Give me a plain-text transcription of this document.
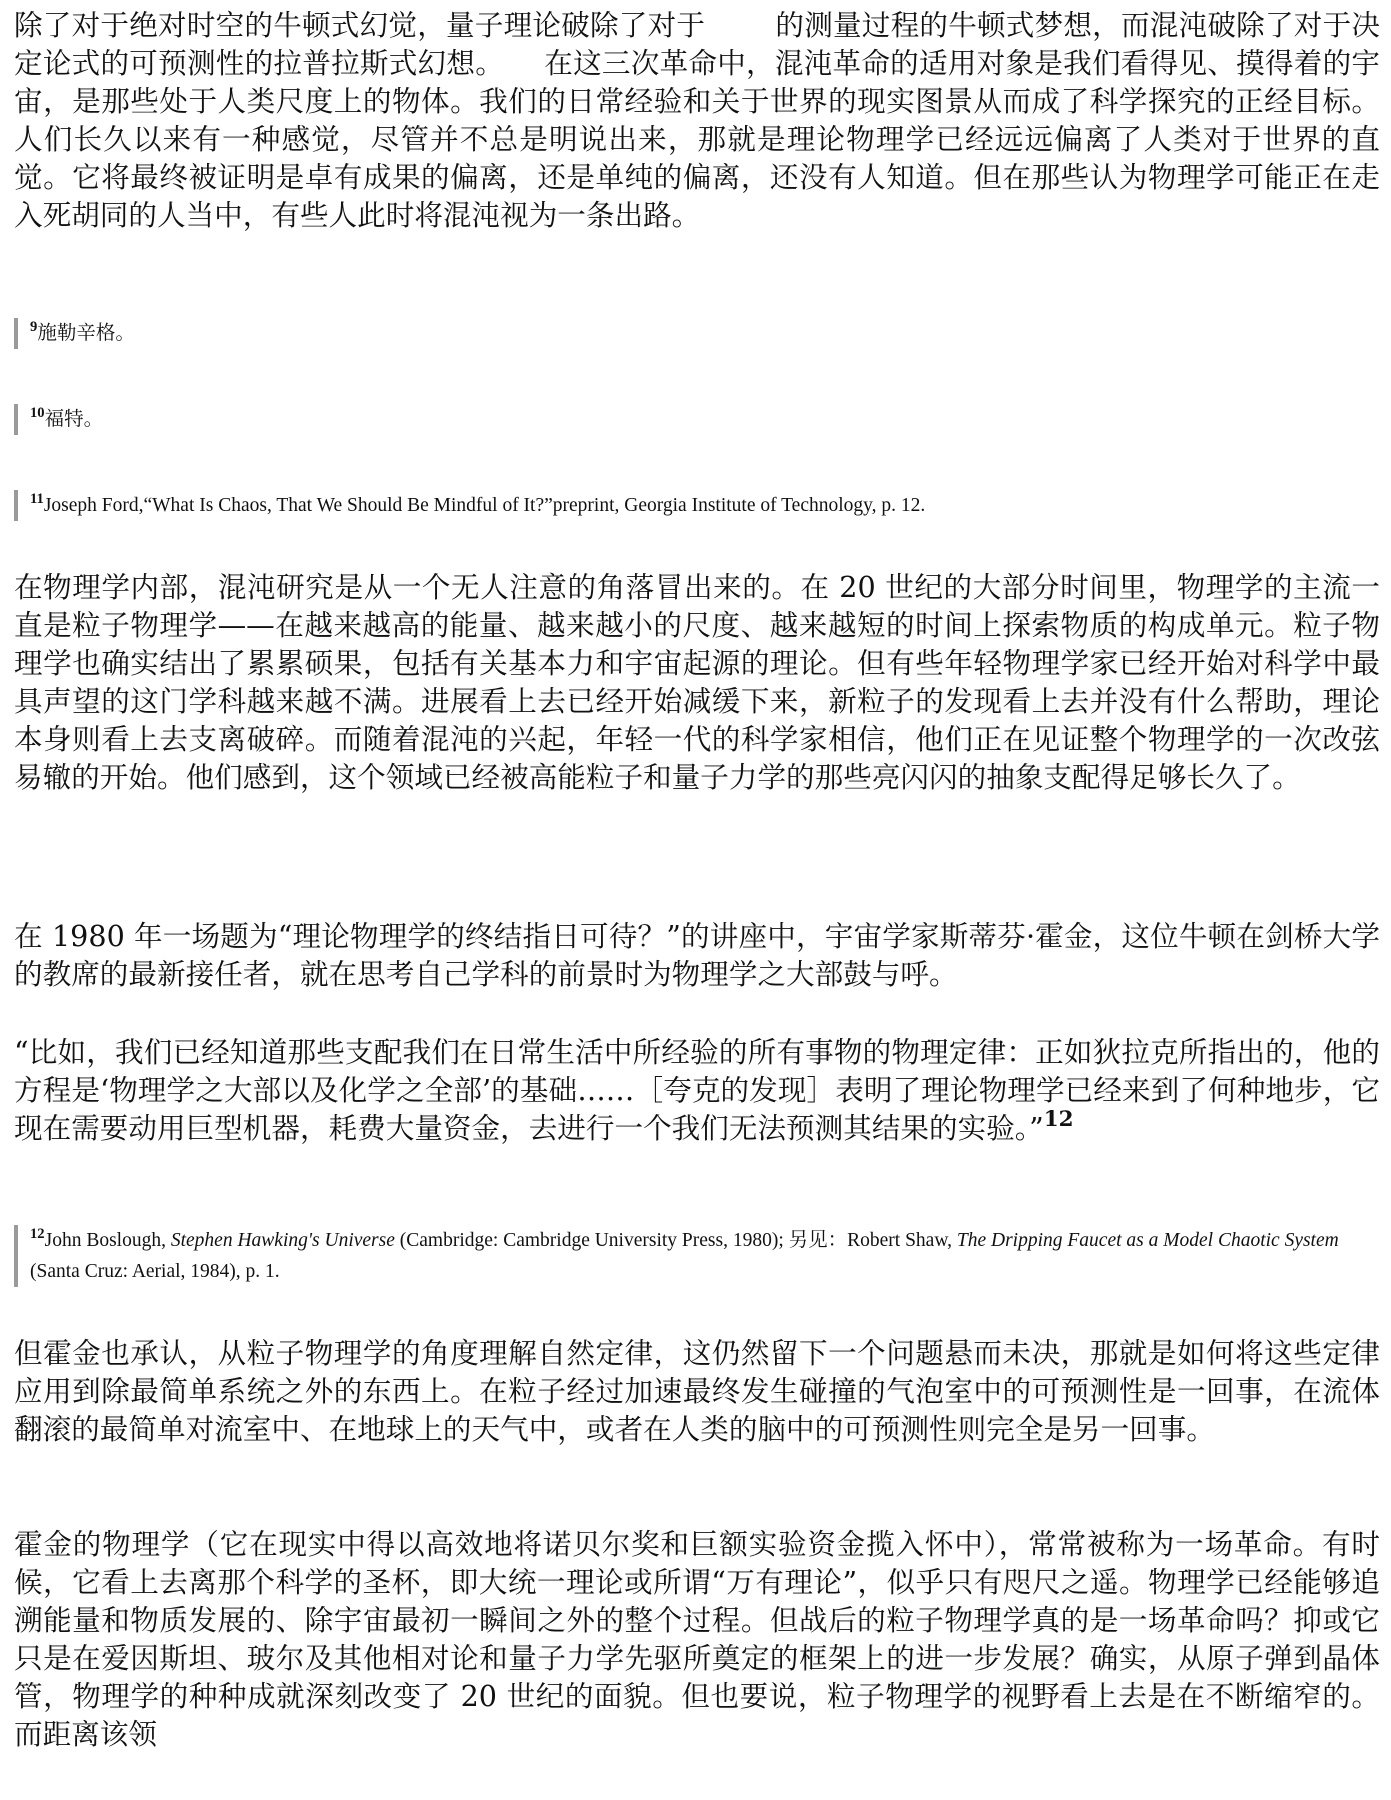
除了对于绝对时空的牛顿式幻觉，量子理论破除了对于 的测量过程的牛顿式梦想，而混沌破除了对于决定论式的可预测性的拉普拉斯式幻想。 在这三次革命中，混沌革命的适用对象是我们看得见、摸得着的宇宙，是那些处于人类尺度上的物体。我们的日常经验和关于世界的现实图景从而成了科学探究的正经目标。人们长久以来有一种感觉，尽管并不总是明说出来，那就是理论物理学已经远远偏离了人类对于世界的直觉。它将最终被证明是卓有成果的偏离，还是单纯的偏离，还没有人知道。但在那些认为物理学可能正在走入死胡同的人当中，有些人此时将混沌视为一条出路。

$^9$施勒辛格。
$^{10}$福特。
$^{11}$Joseph Ford,“What Is Chaos, That We Should Be Mindful of It?”preprint, Georgia Institute of Technology, p. 12.

在物理学内部，混沌研究是从一个无人注意的角落冒出来的。在 20 世纪的大部分时间里，物理学的主流一直是粒子物理学——在越来越高的能量、越来越小的尺度、越来越短的时间上探索物质的构成单元。粒子物理学也确实结出了累累硕果，包括有关基本力和宇宙起源的理论。但有些年轻物理学家已经开始对科学中最具声望的这门学科越来越不满。进展看上去已经开始减缓下来，新粒子的发现看上去并没有什么帮助，理论本身则看上去支离破碎。而随着混沌的兴起，年轻一代的科学家相信，他们正在见证整个物理学的一次改弦易辙的开始。他们感到，这个领域已经被高能粒子和量子力学的那些亮闪闪的抽象支配得足够长久了。

在 1980 年一场题为“理论物理学的终结指日可待？”的讲座中，宇宙学家斯蒂芬·霍金，这位牛顿在剑桥大学的教席的最新接任者，就在思考自己学科的前景时为物理学之大部鼓与呼。

“比如，我们已经知道那些支配我们在日常生活中所经验的所有事物的物理定律：正如狄拉克所指出的，他的方程是‘物理学之大部以及化学之全部’的基础……［夸克的发现］表明了理论物理学已经来到了何种地步，它现在需要动用巨型机器，耗费大量资金，去进行一个我们无法预测其结果的实验。”$^{12}$

$^{12}$John Boslough, Stephen Hawking's Universe (Cambridge: Cambridge University Press, 1980); 另见：Robert Shaw, The Dripping Faucet as a Model Chaotic System (Santa Cruz: Aerial, 1984), p. 1.

但霍金也承认，从粒子物理学的角度理解自然定律，这仍然留下一个问题悬而未决，那就是如何将这些定律应用到除最简单系统之外的东西上。在粒子经过加速最终发生碰撞的气泡室中的可预测性是一回事，在流体翻滚的最简单对流室中、在地球上的天气中，或者在人类的脑中的可预测性则完全是另一回事。

霍金的物理学（它在现实中得以高效地将诺贝尔奖和巨额实验资金揽入怀中），常常被称为一场革命。有时候，它看上去离那个科学的圣杯，即大统一理论或所谓“万有理论”，似乎只有咫尺之遥。物理学已经能够追溯能量和物质发展的、除宇宙最初一瞬间之外的整个过程。但战后的粒子物理学真的是一场革命吗？抑或它只是在爱因斯坦、玻尔及其他相对论和量子力学先驱所奠定的框架上的进一步发展？确实，从原子弹到晶体管，物理学的种种成就深刻改变了 20 世纪的面貌。但也要说，粒子物理学的视野看上去是在不断缩窄的。而距离该领
